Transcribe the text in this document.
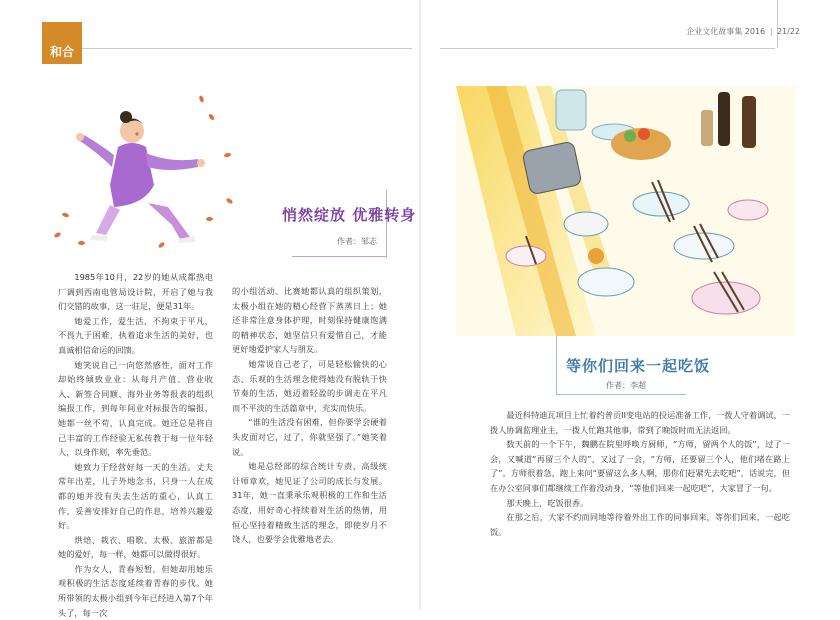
和合
企业文化故事集 2016 | 21/22
悄然绽放 优雅转身
作者：邹志

1985年10月，22岁的她从成都热电厂调到西南电管局设计院，开启了她与我们交错的故事，这一驻足，便是31年。

她爱工作，爱生活，不拘束于平凡，不畏九于困难，执着追求生活的美好，也真诚相信命运的回馈。

她笑说自己一向悠然感性，面对工作却始终倾致业业：从每月产值、营业收入、新签合同额、海外业务等报表的组织编报工作，到每年间业对标报告的编报，她都一丝不苟，认真完成。她还总是将自己丰富的工作经验无私传教于每一位年轻人，以身作则，率先垂范。

她致力于经营好每一天的生活。丈夫常年出差，儿子外地念书，只身一人在成都的她并没有失去生活的重心，认真工作，妥善安排好自己的作息，培养兴趣爱好。

烘焙、栽衣、唱歌、太极、旅游都是她的爱好，每一样，她都可以做得很好。

作为女人，青春短暂，但她却用她乐观积极的生活态度延续着青春的步伐。她所带领的太极小组到今年已经进入第7个年头了，每一次

的小组活动、比赛她都认真的组织策划，太极小组在她的精心经营下蒸蒸日上；她还非常注意身体护理，时刻保持健康饱满的精神状态，她坚信只有爱惜自己，才能更好地爱护家人与朋友。

她常说自己老了，可是轻松愉快的心态、乐观的生活理念使得她没有脱轨于快节奏的生活，她迈着轻盈的步调走在平凡而不平淡的生活篇章中，充实而快乐。

“谁的生活没有困难，但你要学会硬着头皮面对它，过了，你就坚强了。”她笑着说。

她是总经部的综合统计专责、高级统计师章欢，她见证了公司的成长与发展。31年，她一直秉承乐观积极的工作和生活态度，用好奇心持续着对生活的热情，用恒心坚持着精致生活的理念，即使岁月不饶人，也要学会优雅地老去。

等你们回来一起吃饭
作者：李超

最近科特迪瓦项目上忙着约普贡II变电站的投运准备工作，一拨人守着调试，一拨人协调监理业主，一拨人忙跑其他事，常到了晚饭时而无法返回。

数天前的一个下午，魏鹏在院里呼唤方厨师，“方师，留两个人的饭”，过了一会，又喊道“再留三个人的”，又过了一会，“方师，还要留三个人，他们堵在路上了”。方师很着急，跑上来问“要留这么多人啊，那你们赶紧先去吃吧”，话说完，但在办公室同事们都继续工作着没动身，“等他们回来一起吃吧”，大家冒了一句。

那天晚上，吃饭很香。

在那之后，大家不约而同地等待着外出工作的同事回来，等你们回来，一起吃饭。
